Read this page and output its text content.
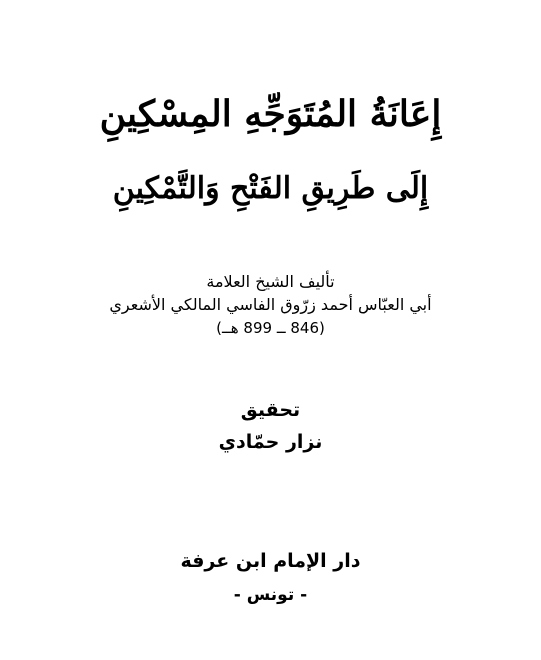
إِعَانَةُ المُتَوَجِّهِ المِسْكِينِ
إِلَى طَرِيقِ الفَتْحِ وَالتَّمْكِينِ
تأليف الشيخ العلامة
أبي العبّاس أحمد زرّوق الفاسي المالكي الأشعري
(846 ــ 899 هــ)
تحقيق
نزار حمّادي
دار الإمام ابن عرفة
- تونس -
